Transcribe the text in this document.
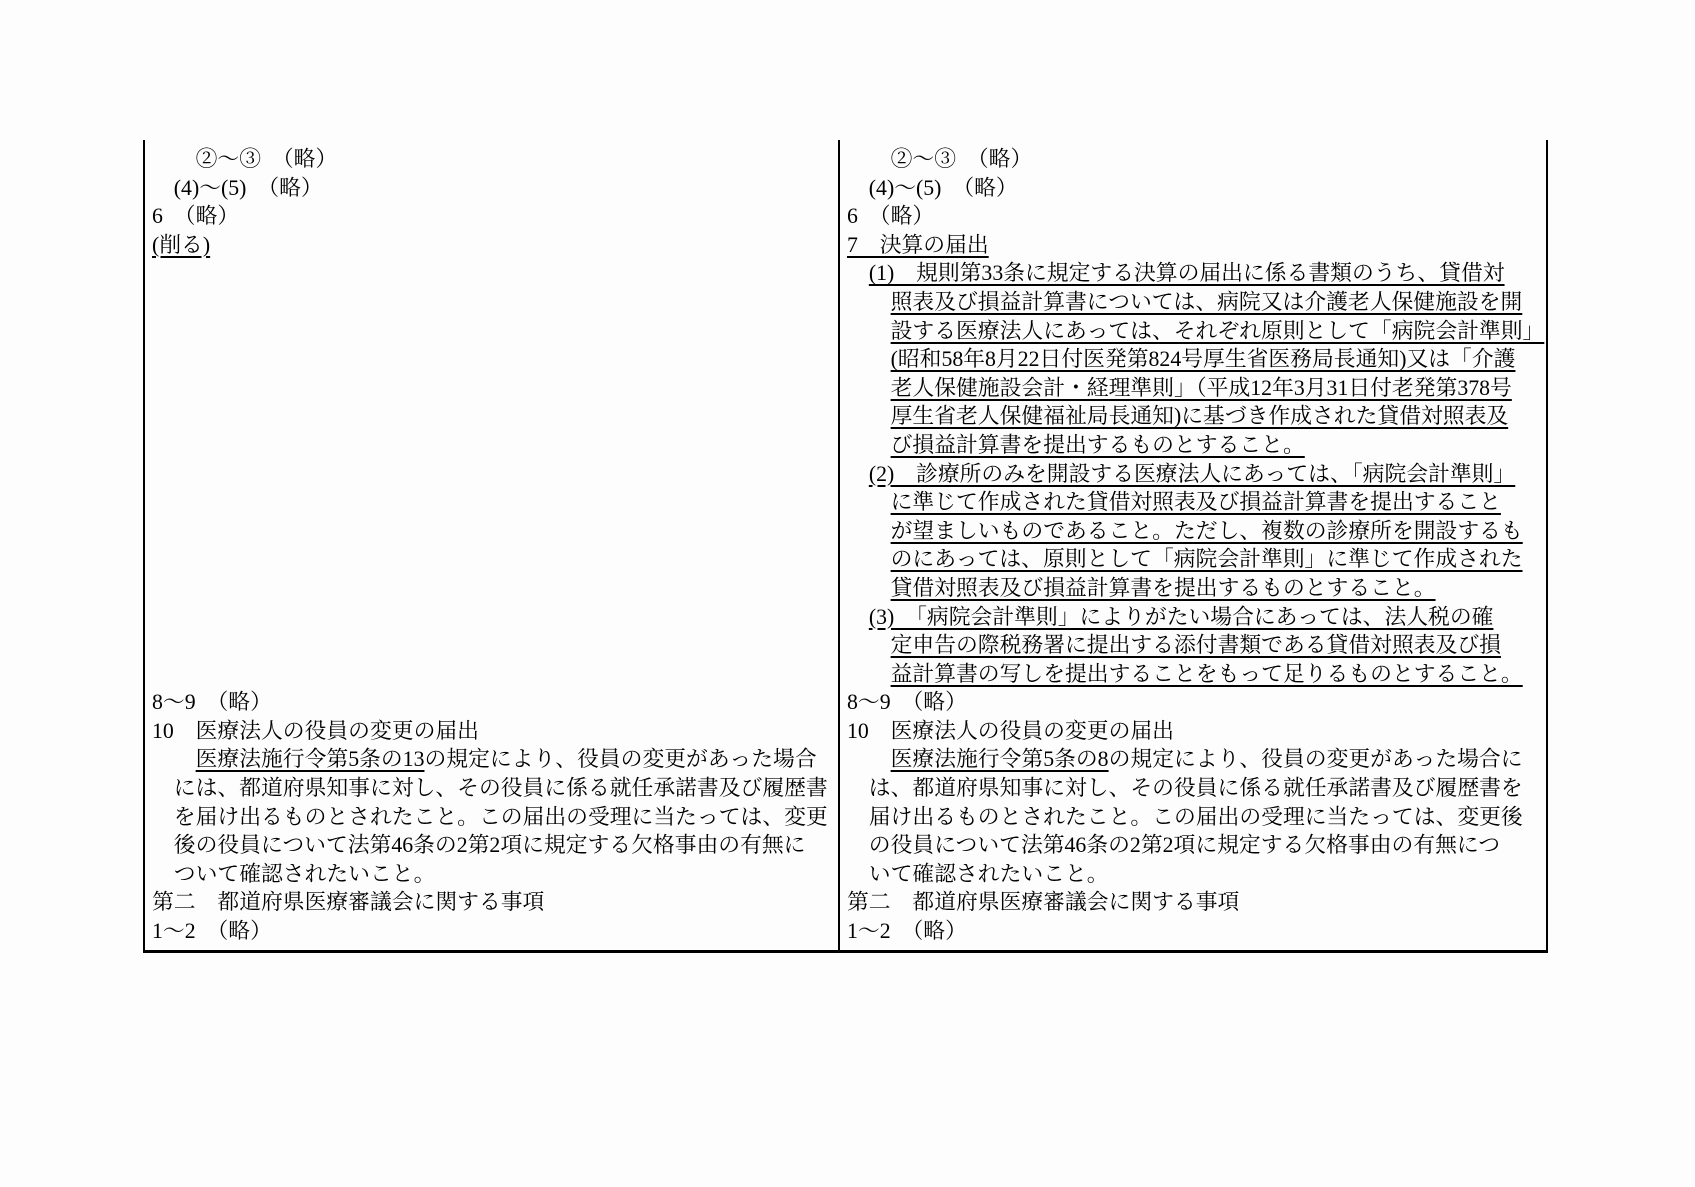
　　②～③　（略）
　(4)～(5)　（略）
6　（略）
(削る)
8～9　（略）
10　医療法人の役員の変更の届出
　　医療法施行令第5条の13の規定により、役員の変更があった場合
　には、都道府県知事に対し、その役員に係る就任承諾書及び履歴書
　を届け出るものとされたこと。この届出の受理に当たっては、変更
　後の役員について法第46条の2第2項に規定する欠格事由の有無に
　ついて確認されたいこと。
第二　都道府県医療審議会に関する事項
1～2　（略）
　　②～③　（略）
　(4)～(5)　（略）
6　（略）
7　決算の届出
　(1)　規則第33条に規定する決算の届出に係る書類のうち、貸借対
　　照表及び損益計算書については、病院又は介護老人保健施設を開
　　設する医療法人にあっては、それぞれ原則として「病院会計準則」
　　(昭和58年8月22日付医発第824号厚生省医務局長通知)又は「介護
　　老人保健施設会計・経理準則」（平成12年3月31日付老発第378号
　　厚生省老人保健福祉局長通知)に基づき作成された貸借対照表及
　　び損益計算書を提出するものとすること。
　(2)　診療所のみを開設する医療法人にあっては、「病院会計準則」
　　に準じて作成された貸借対照表及び損益計算書を提出すること
　　が望ましいものであること。ただし、複数の診療所を開設するも
　　のにあっては、原則として「病院会計準則」に準じて作成された
　　貸借対照表及び損益計算書を提出するものとすること。
　(3)　「病院会計準則」によりがたい場合にあっては、法人税の確
　　定申告の際税務署に提出する添付書類である貸借対照表及び損
　　益計算書の写しを提出することをもって足りるものとすること。
8～9　（略）
10　医療法人の役員の変更の届出
　　医療法施行令第5条の8の規定により、役員の変更があった場合に
　は、都道府県知事に対し、その役員に係る就任承諾書及び履歴書を
　届け出るものとされたこと。この届出の受理に当たっては、変更後
　の役員について法第46条の2第2項に規定する欠格事由の有無につ
　いて確認されたいこと。
第二　都道府県医療審議会に関する事項
1～2　（略）
